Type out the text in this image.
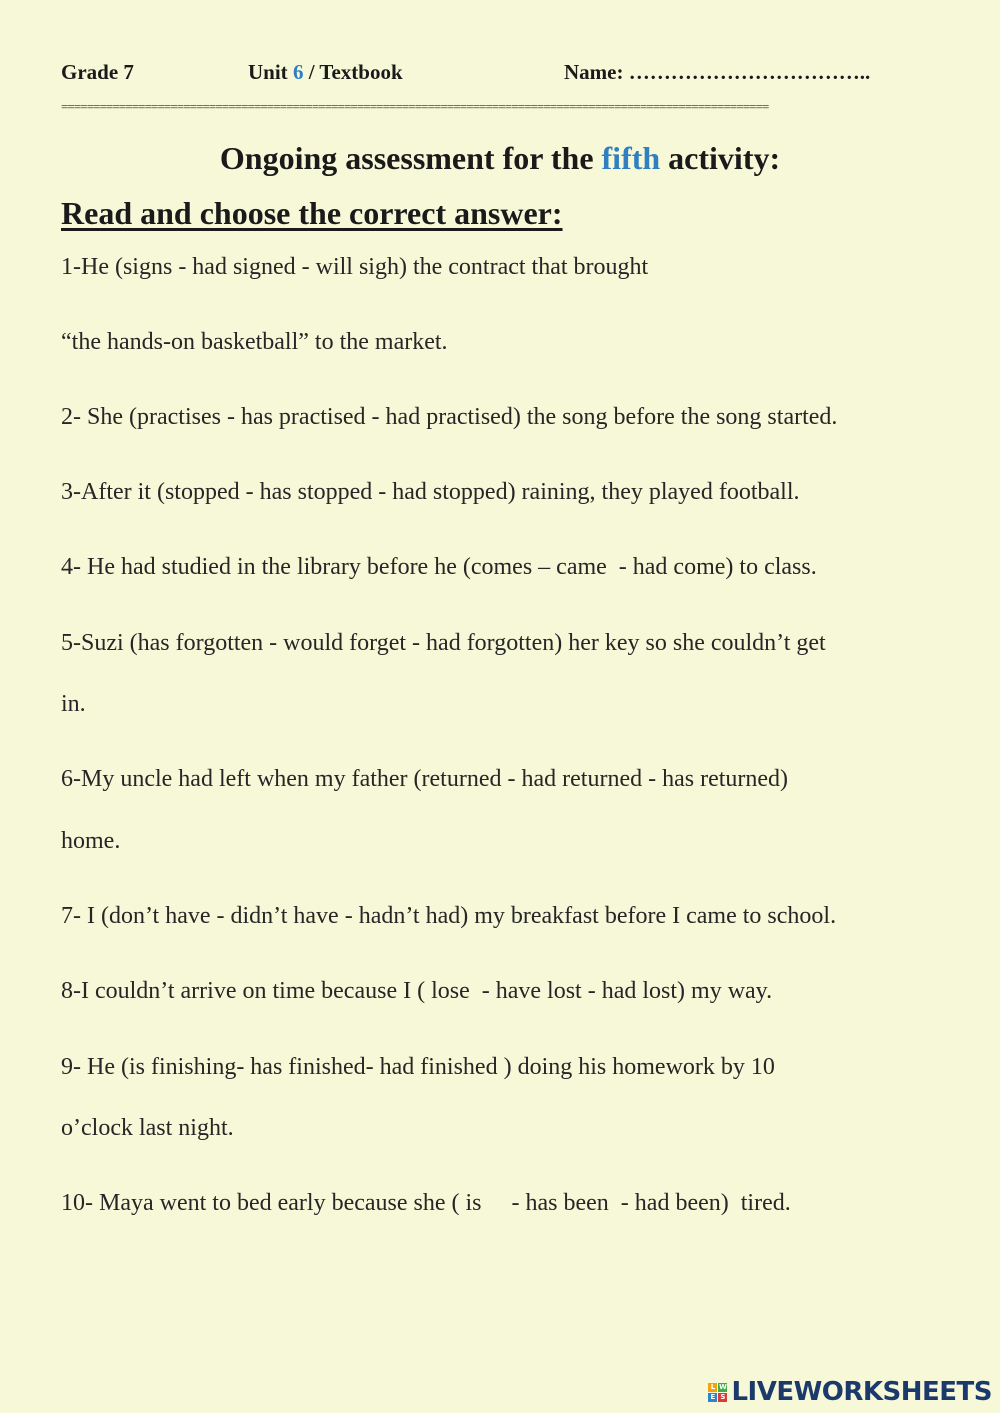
Grade 7	Unit 6 / Textbook	Name: ……………………………..
==============================================================================================================
Ongoing assessment for the fifth activity:
Read and choose the correct answer:
1-He (signs - had signed - will sigh) the contract that brought
“the hands-on basketball” to the market.
2- She (practises - has practised - had practised) the song before the song started.
3-After it (stopped - has stopped - had stopped) raining, they played football.
4- He had studied in the library before he (comes – came  - had come) to class.
5-Suzi (has forgotten - would forget - had forgotten) her key so she couldn’t get
in.
6-My uncle had left when my father (returned - had returned - has returned)
home.
7- I (don’t have - didn’t have - hadn’t had) my breakfast before I came to school.
8-I couldn’t arrive on time because I ( lose  - have lost - had lost) my way.
9- He (is finishing- has finished- had finished ) doing his homework by 10
o’clock last night.
10- Maya went to bed early because she ( is     - has been  - had been)  tired.
L W
E S LIVEWORKSHEETS
